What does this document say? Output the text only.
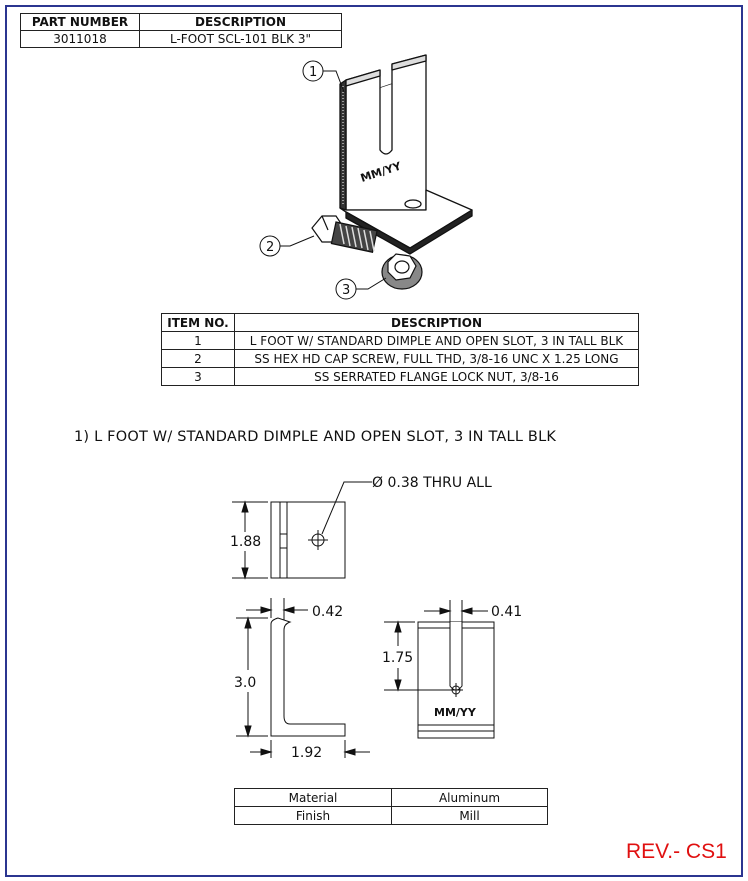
PART NUMBER	DESCRIPTION
3011018	L-FOOT SCL-101 BLK 3"
MM/YY
1
2
3
ITEM NO.	DESCRIPTION
1	L FOOT W/ STANDARD DIMPLE AND OPEN SLOT, 3 IN TALL BLK
2	SS HEX HD CAP SCREW, FULL THD, 3/8-16 UNC X 1.25 LONG
3	SS SERRATED FLANGE LOCK NUT, 3/8-16
1) L FOOT W/ STANDARD DIMPLE AND OPEN SLOT, 3 IN TALL BLK
Ø 0.38 THRU ALL
1.88
0.42
3.0
1.92
0.41
1.75
MM/YY
Material	Aluminum
Finish	Mill
REV.- CS1
